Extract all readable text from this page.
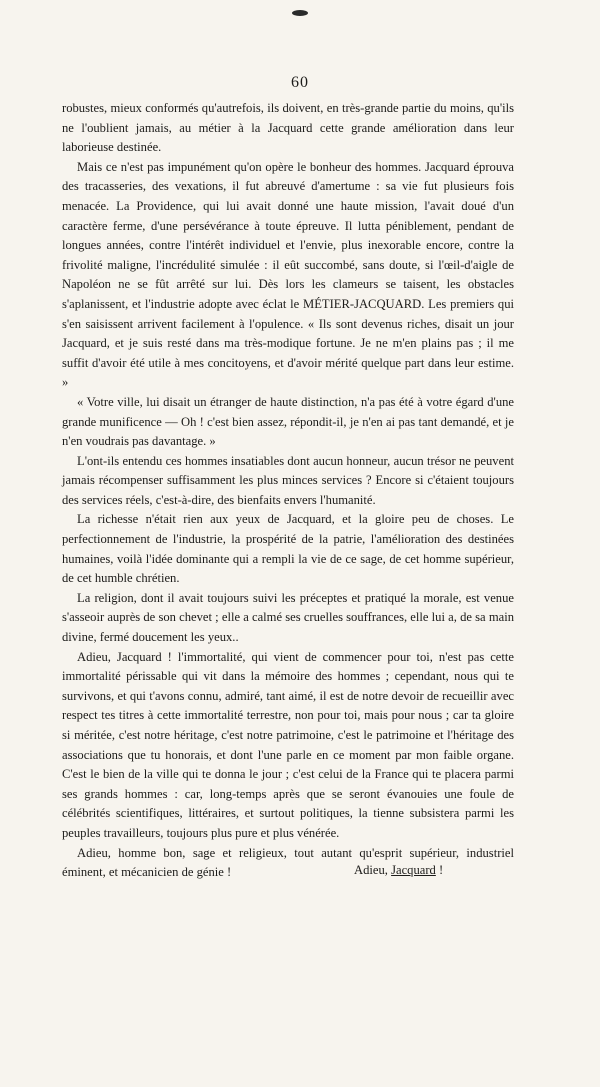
60

robustes, mieux conformés qu'autrefois, ils doivent, en très-grande partie du moins, qu'ils ne l'oublient jamais, au métier à la Jacquard cette grande amélioration dans leur laborieuse destinée.

Mais ce n'est pas impunément qu'on opère le bonheur des hommes. Jacquard éprouva des tracasseries, des vexations, il fut abreuvé d'amertume : sa vie fut plusieurs fois menacée. La Providence, qui lui avait donné une haute mission, l'avait doué d'un caractère ferme, d'une persévérance à toute épreuve. Il lutta péniblement, pendant de longues années, contre l'intérêt individuel et l'envie, plus inexorable encore, contre la frivolité maligne, l'incrédulité simulée : il eût succombé, sans doute, si l'œil-d'aigle de Napoléon ne se fût arrêté sur lui. Dès lors les clameurs se taisent, les obstacles s'aplanissent, et l'industrie adopte avec éclat le MÉTIER-JACQUARD. Les premiers qui s'en saisissent arrivent facilement à l'opulence. « Ils sont devenus riches, disait un jour Jacquard, et je suis resté dans ma très-modique fortune. Je ne m'en plains pas ; il me suffit d'avoir été utile à mes concitoyens, et d'avoir mérité quelque part dans leur estime. »

« Votre ville, lui disait un étranger de haute distinction, n'a pas été à votre égard d'une grande munificence — Oh ! c'est bien assez, répondit-il, je n'en ai pas tant demandé, et je n'en voudrais pas davantage. »

L'ont-ils entendu ces hommes insatiables dont aucun honneur, aucun trésor ne peuvent jamais récompenser suffisamment les plus minces services ? Encore si c'étaient toujours des services réels, c'est-à-dire, des bienfaits envers l'humanité.

La richesse n'était rien aux yeux de Jacquard, et la gloire peu de choses. Le perfectionnement de l'industrie, la prospérité de la patrie, l'amélioration des destinées humaines, voilà l'idée dominante qui a rempli la vie de ce sage, de cet homme supérieur, de cet humble chrétien.

La religion, dont il avait toujours suivi les préceptes et pratiqué la morale, est venue s'asseoir auprès de son chevet ; elle a calmé ses cruelles souffrances, elle lui a, de sa main divine, fermé doucement les yeux..

Adieu, Jacquard ! l'immortalité, qui vient de commencer pour toi, n'est pas cette immortalité périssable qui vit dans la mémoire des hommes ; cependant, nous qui te survivons, et qui t'avons connu, admiré, tant aimé, il est de notre devoir de recueillir avec respect tes titres à cette immortalité terrestre, non pour toi, mais pour nous ; car ta gloire si méritée, c'est notre héritage, c'est notre patrimoine, c'est le patrimoine et l'héritage des associations que tu honorais, et dont l'une parle en ce moment par mon faible organe. C'est le bien de la ville qui te donna le jour ; c'est celui de la France qui te placera parmi ses grands hommes : car, long-temps après que se seront évanouies une foule de célébrités scientifiques, littéraires, et surtout politiques, la tienne subsistera parmi les peuples travailleurs, toujours plus pure et plus vénérée.

Adieu, homme bon, sage et religieux, tout autant qu'esprit supérieur, industriel éminent, et mécanicien de génie !	Adieu, Jacquard !
